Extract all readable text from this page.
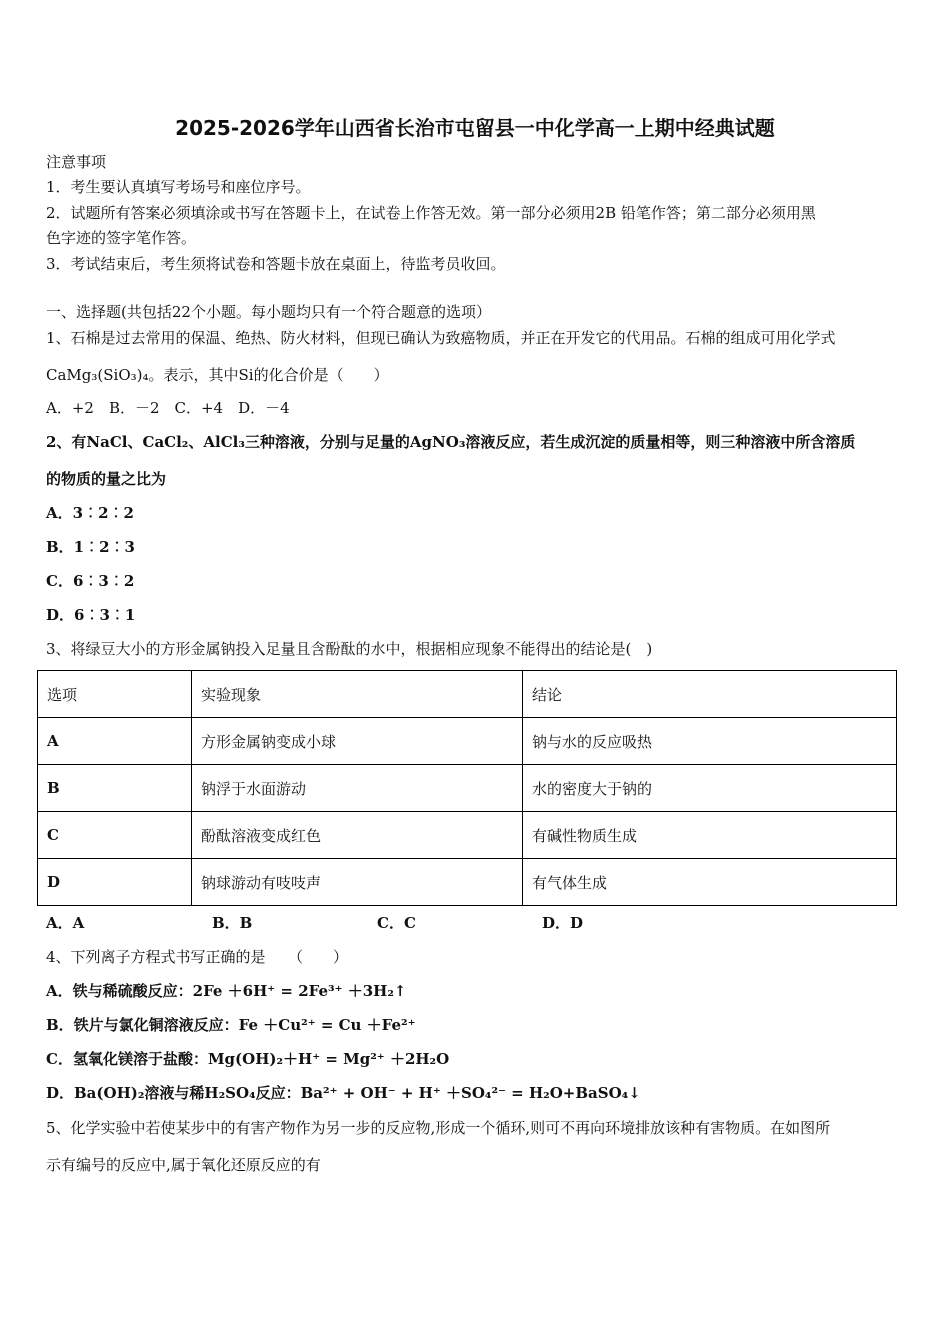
2025-2026学年山西省长治市屯留县一中化学高一上期中经典试题
注意事项
1．考生要认真填写考场号和座位序号。
2．试题所有答案必须填涂或书写在答题卡上，在试卷上作答无效。第一部分必须用2B 铅笔作答；第二部分必须用黑
色字迹的签字笔作答。
3．考试结束后，考生须将试卷和答题卡放在桌面上，待监考员收回。
一、选择题(共包括22个小题。每小题均只有一个符合题意的选项）
1、石棉是过去常用的保温、绝热、防火材料，但现已确认为致癌物质，并正在开发它的代用品。石棉的组成可用化学式
CaMg₃(SiO₃)₄。表示，其中Si的化合价是（　　）
A．+2　B．－2　C．+4　D．－4
2、有NaCl、CaCl₂、AlCl₃三种溶液，分别与足量的AgNO₃溶液反应，若生成沉淀的质量相等，则三种溶液中所含溶质
的物质的量之比为
A．3︰2︰2
B．1︰2︰3
C．6︰3︰2
D．6︰3︰1
3、将绿豆大小的方形金属钠投入足量且含酚酞的水中，根据相应现象不能得出的结论是(　)
选项	实验现象	结论
A	方形金属钠变成小球	钠与水的反应吸热
B	钠浮于水面游动	水的密度大于钠的
C	酚酞溶液变成红色	有碱性物质生成
D	钠球游动有吱吱声	有气体生成
A．A	B．B	C．C	D．D
4、下列离子方程式书写正确的是　　（　　）
A．铁与稀硫酸反应：2Fe ＋6H⁺ = 2Fe³⁺ ＋3H₂↑
B．铁片与氯化铜溶液反应：Fe ＋Cu²⁺ = Cu ＋Fe²⁺
C．氢氧化镁溶于盐酸：Mg(OH)₂＋H⁺ = Mg²⁺ ＋2H₂O
D．Ba(OH)₂溶液与稀H₂SO₄反应：Ba²⁺ + OH⁻ + H⁺ ＋SO₄²⁻ = H₂O+BaSO₄↓
5、化学实验中若使某步中的有害产物作为另一步的反应物,形成一个循环,则可不再向环境排放该种有害物质。在如图所
示有编号的反应中,属于氧化还原反应的有
